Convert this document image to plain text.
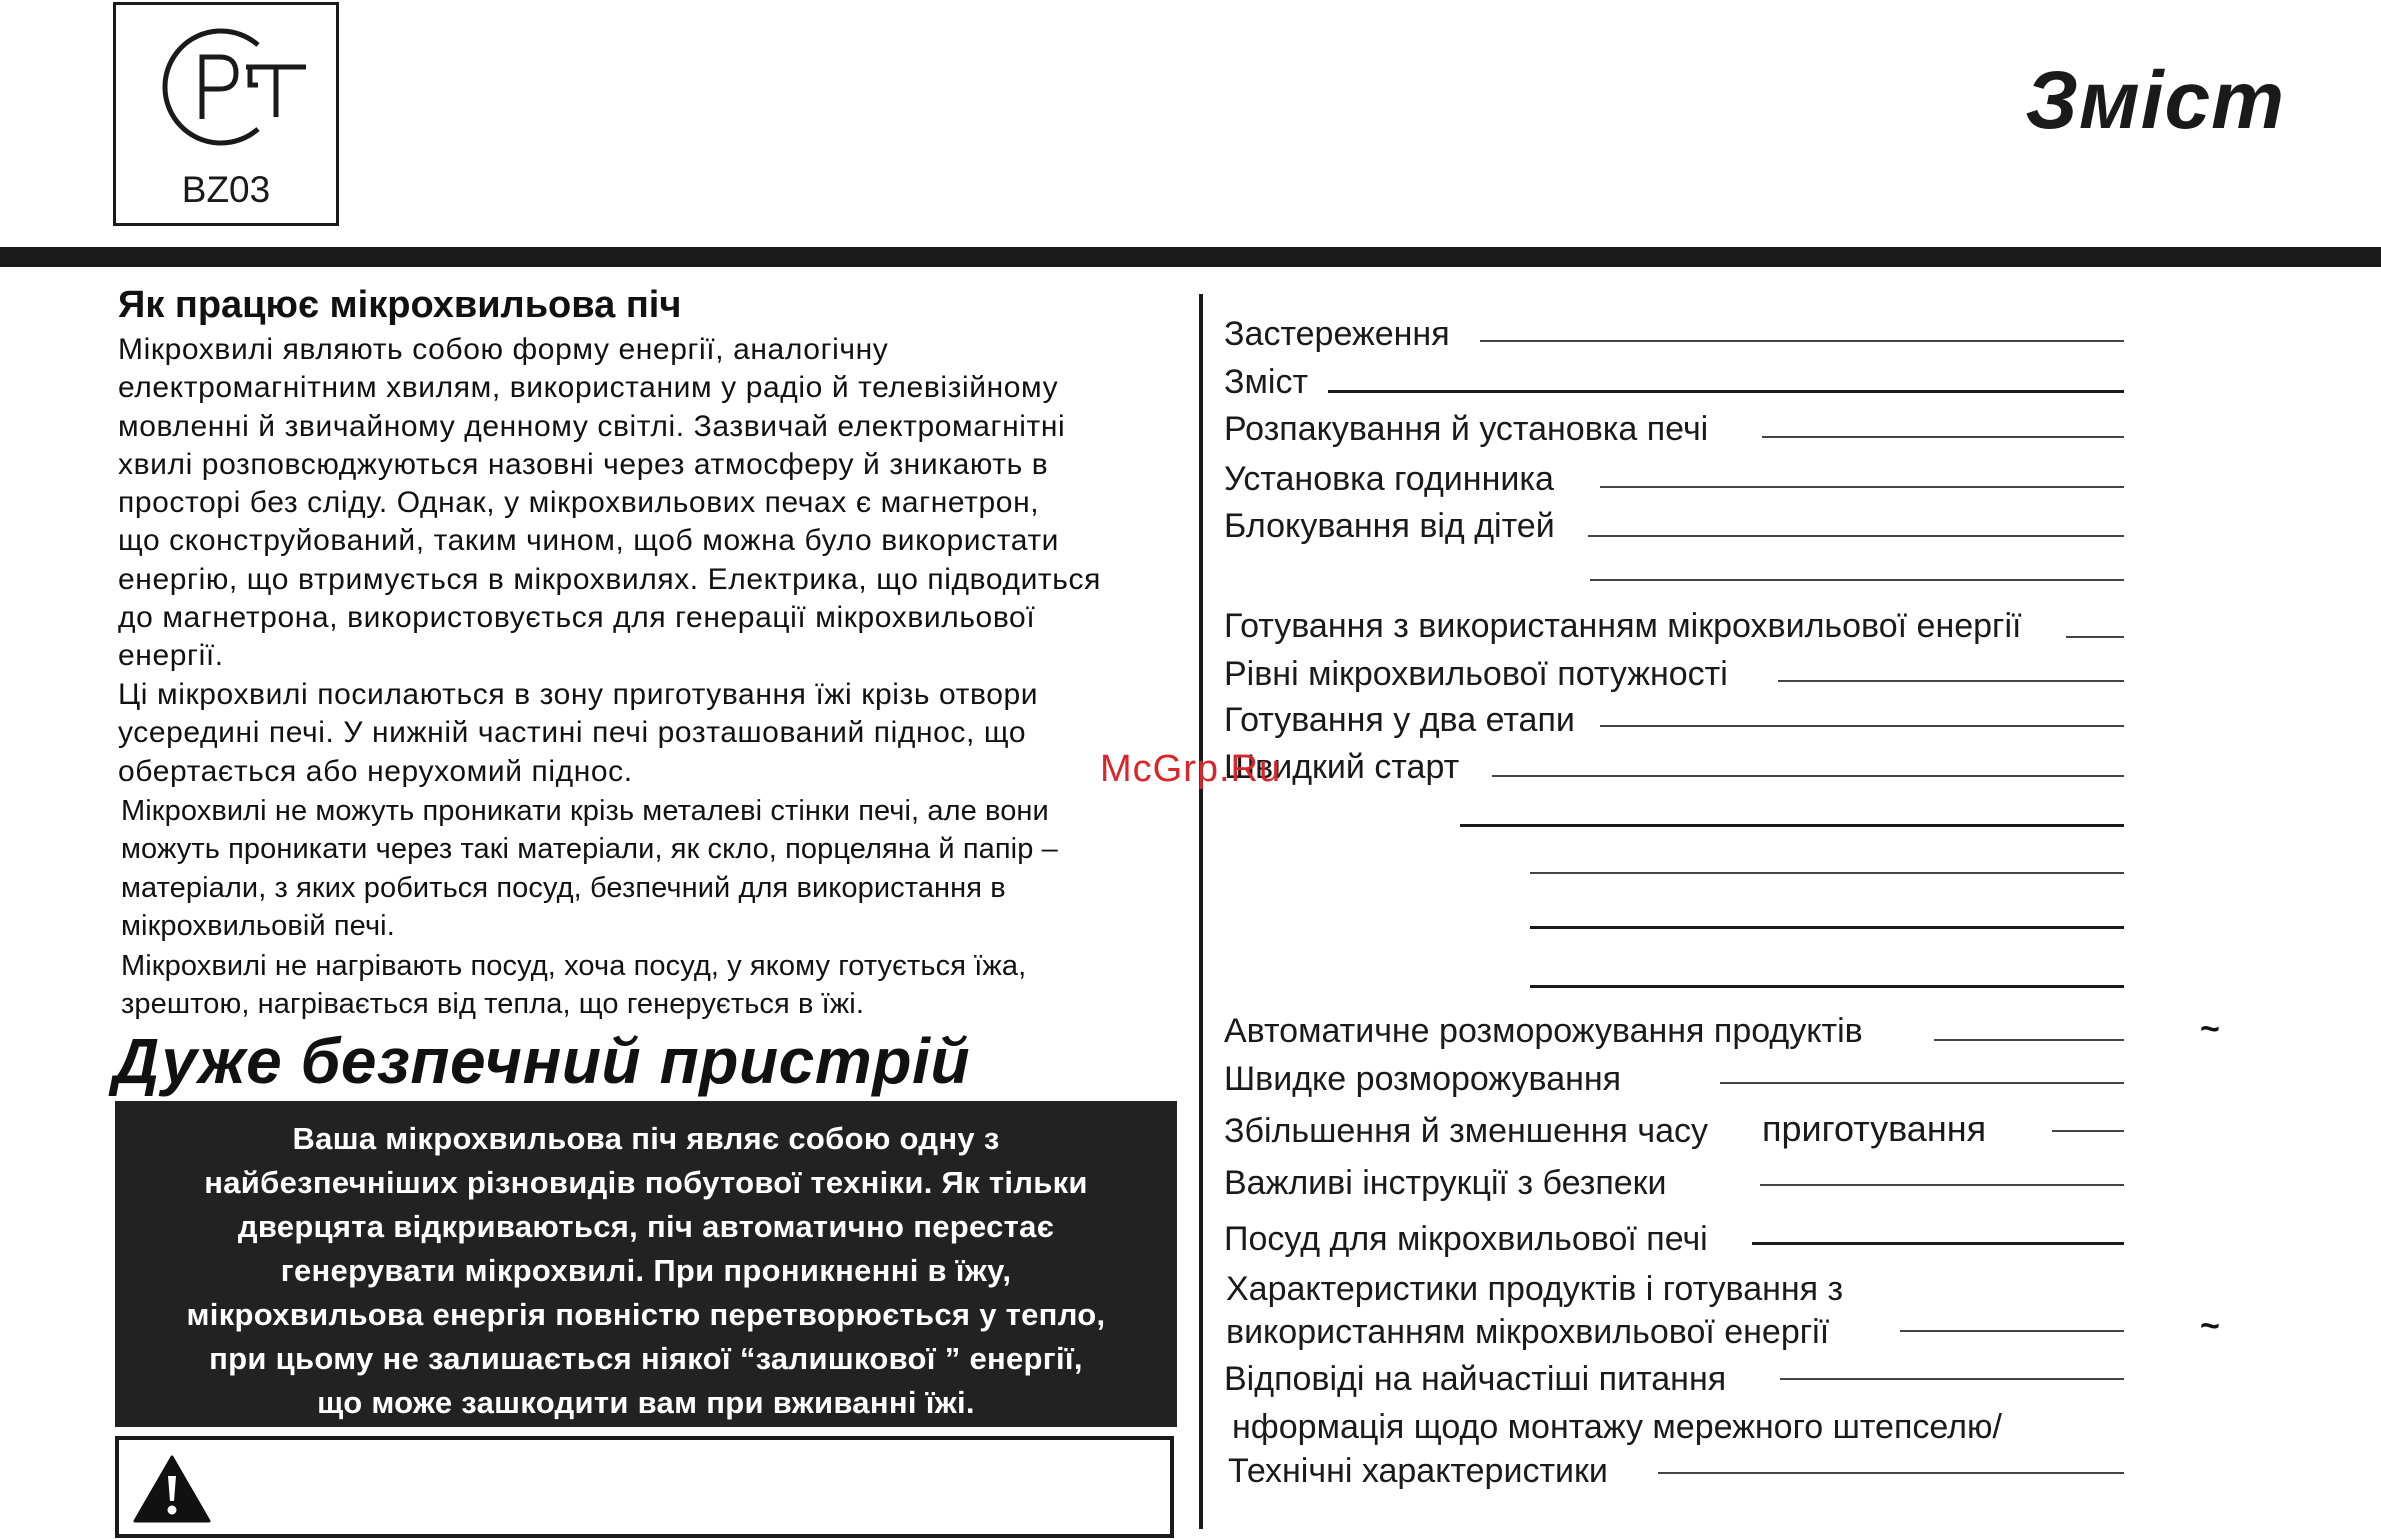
BZ03
Зміст
Як працює мікрохвильова піч
Мікрохвилі являють собою форму енергії, аналогічну
електромагнітним хвилям, використаним у радіо й телевізійному
мовленні й звичайному денному світлі. Зазвичай електромагнітні
хвилі розповсюджуються назовні через атмосферу й зникають в
просторі без сліду. Однак, у мікрохвильових печах є магнетрон,
що сконструйований, таким чином, щоб можна було використати
енергію, що втримується в мікрохвилях. Електрика, що підводиться
до магнетрона, використовується для генерації мікрохвильової
енергії.
Ці мікрохвилі посилаються в зону приготування їжі крізь отвори
усередині печі. У нижній частині печі розташований піднос, що
обертається або нерухомий піднос.
Мікрохвилі не можуть проникати крізь металеві стінки печі, але вони
можуть проникати через такі матеріали, як скло, порцеляна й папір –
матеріали, з яких робиться посуд, безпечний для використання в
мікрохвильовій печі.
Мікрохвилі не нагрівають посуд, хоча посуд, у якому готується їжа,
зрештою, нагрівається від тепла, що генерується в їжі.
Дуже безпечний пристрій
Ваша мікрохвильова піч являє собою одну з
найбезпечніших різновидів побутової техніки. Як тільки
дверцята відкриваються, піч автоматично перестає
генерувати мікрохвилі. При проникненні в їжу,
мікрохвильова енергія повністю перетворюється у тепло,
при цьому не залишається ніякої “залишкової ” енергії,
що може зашкодити вам при вживанні їжі.
Застереження
Зміст
Розпакування й установка печі
Установка годинника
Блокування від дітей
Готування з використанням мікрохвильової енергії
Рівні мікрохвильової потужності
Готування у два етапи
Швидкий старт
Автоматичне розморожування продуктів	~
Швидке розморожування
Збільшення й зменшення часу приготування
Важливі інструкції з безпеки
Посуд для мікрохвильової печі
Характеристики продуктів і готування з
використанням мікрохвильової енергії	~
Відповіді на найчастіші питання
нформація щодо монтажу мережного штепселю/
Технічні характеристики
McGrp.Ru
